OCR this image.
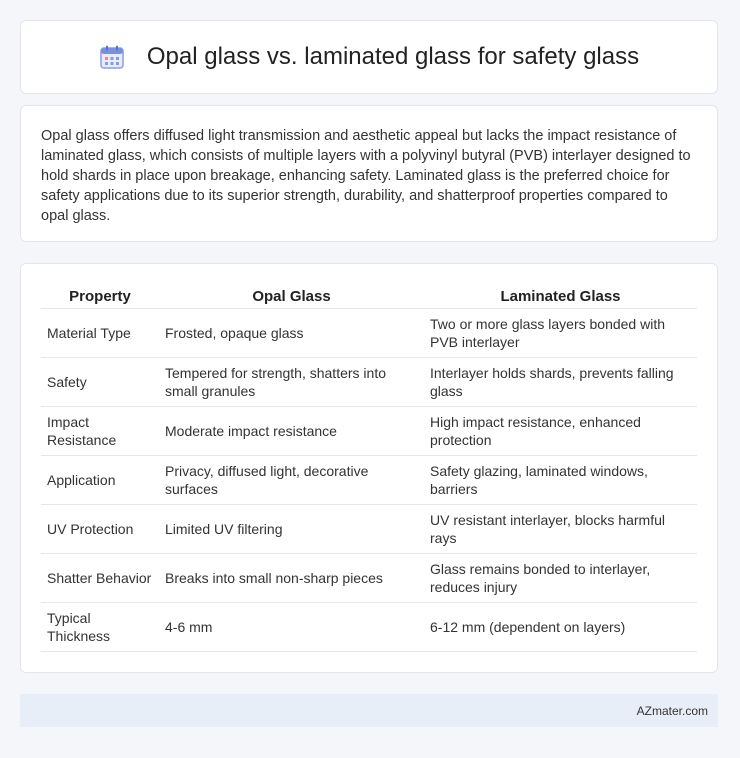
Opal glass vs. laminated glass for safety glass

Opal glass offers diffused light transmission and aesthetic appeal but lacks the impact resistance of laminated glass, which consists of multiple layers with a polyvinyl butyral (PVB) interlayer designed to hold shards in place upon breakage, enhancing safety. Laminated glass is the preferred choice for safety applications due to its superior strength, durability, and shatterproof properties compared to opal glass.

Property	Opal Glass	Laminated Glass
Material Type	Frosted, opaque glass	Two or more glass layers bonded with PVB interlayer
Safety	Tempered for strength, shatters into small granules	Interlayer holds shards, prevents falling glass
Impact Resistance	Moderate impact resistance	High impact resistance, enhanced protection
Application	Privacy, diffused light, decorative surfaces	Safety glazing, laminated windows, barriers
UV Protection	Limited UV filtering	UV resistant interlayer, blocks harmful rays
Shatter Behavior	Breaks into small non-sharp pieces	Glass remains bonded to interlayer, reduces injury
Typical Thickness	4-6 mm	6-12 mm (dependent on layers)
AZmater.com
